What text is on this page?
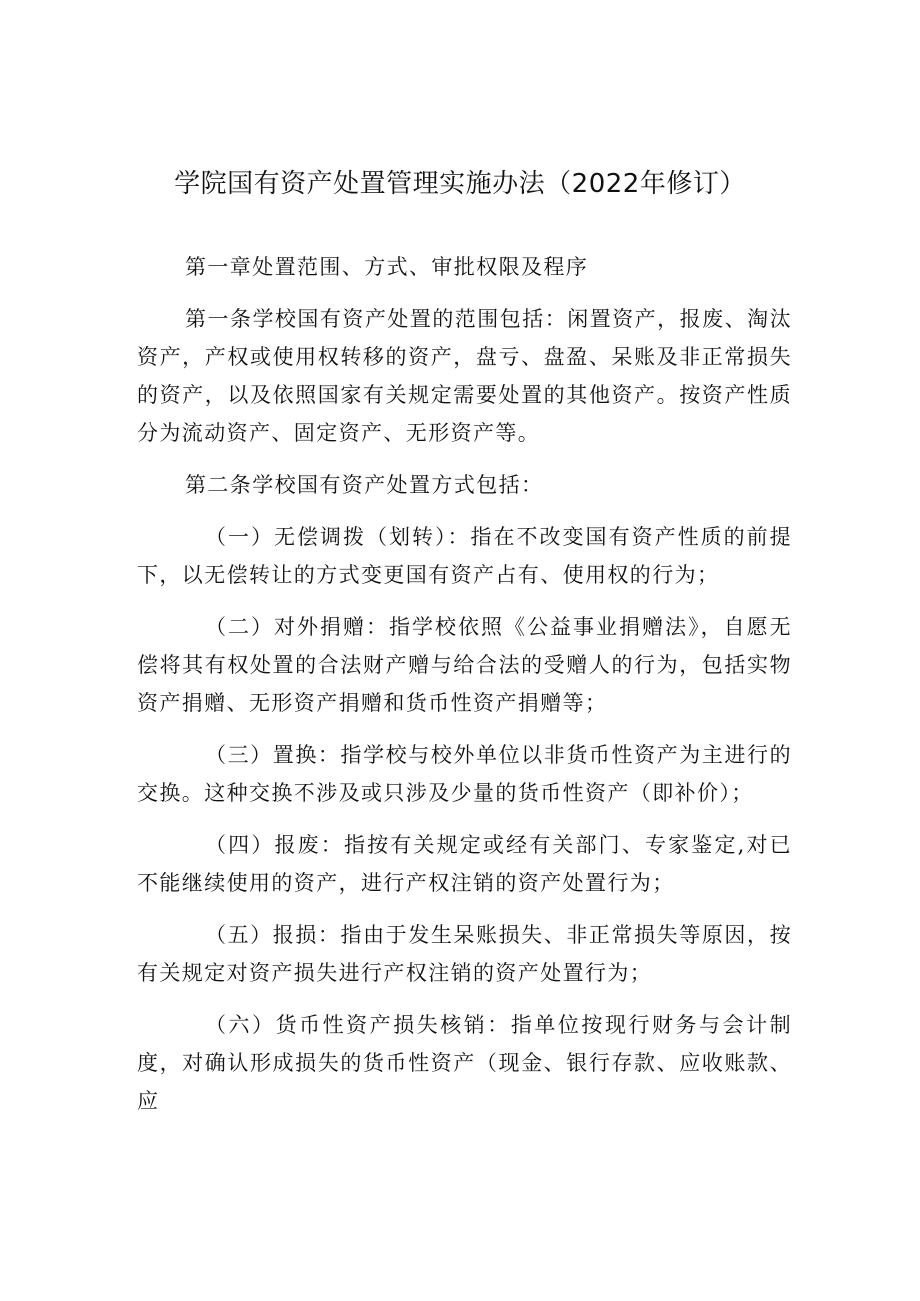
学院国有资产处置管理实施办法（2022年修订）

第一章处置范围、方式、审批权限及程序

第一条学校国有资产处置的范围包括：闲置资产，报废、淘汰资产，产权或使用权转移的资产，盘亏、盘盈、呆账及非正常损失的资产，以及依照国家有关规定需要处置的其他资产。按资产性质分为流动资产、固定资产、无形资产等。

第二条学校国有资产处置方式包括：

（一）无偿调拨（划转）：指在不改变国有资产性质的前提下，以无偿转让的方式变更国有资产占有、使用权的行为；

（二）对外捐赠：指学校依照《公益事业捐赠法》，自愿无偿将其有权处置的合法财产赠与给合法的受赠人的行为，包括实物资产捐赠、无形资产捐赠和货币性资产捐赠等；

（三）置换：指学校与校外单位以非货币性资产为主进行的交换。这种交换不涉及或只涉及少量的货币性资产（即补价）；

（四）报废：指按有关规定或经有关部门、专家鉴定,对已不能继续使用的资产，进行产权注销的资产处置行为；

（五）报损：指由于发生呆账损失、非正常损失等原因，按有关规定对资产损失进行产权注销的资产处置行为；

（六）货币性资产损失核销：指单位按现行财务与会计制度，对确认形成损失的货币性资产（现金、银行存款、应收账款、应
